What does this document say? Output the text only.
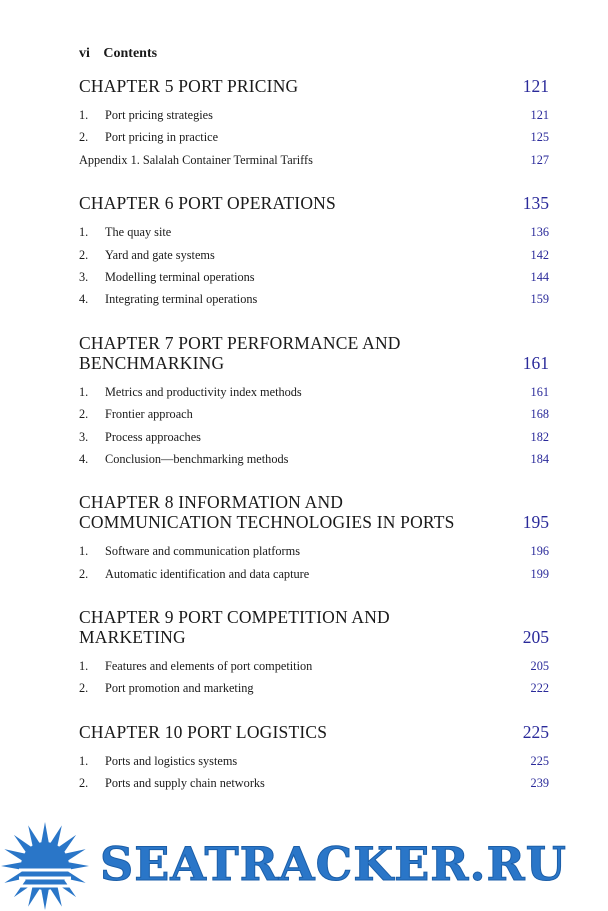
vi Contents
CHAPTER 5 PORT PRICING	121
1.	Port pricing strategies	121
2.	Port pricing in practice	125
Appendix 1. Salalah Container Terminal Tariffs	127
CHAPTER 6 PORT OPERATIONS	135
1.	The quay site	136
2.	Yard and gate systems	142
3.	Modelling terminal operations	144
4.	Integrating terminal operations	159
CHAPTER 7 PORT PERFORMANCE AND
BENCHMARKING	161
1.	Metrics and productivity index methods	161
2.	Frontier approach	168
3.	Process approaches	182
4.	Conclusion—benchmarking methods	184
CHAPTER 8 INFORMATION AND
COMMUNICATION TECHNOLOGIES IN PORTS	195
1.	Software and communication platforms	196
2.	Automatic identification and data capture	199
CHAPTER 9 PORT COMPETITION AND
MARKETING	205
1.	Features and elements of port competition	205
2.	Port promotion and marketing	222
CHAPTER 10 PORT LOGISTICS	225
1.	Ports and logistics systems	225
2.	Ports and supply chain networks	239
SEATRACKER.RU
